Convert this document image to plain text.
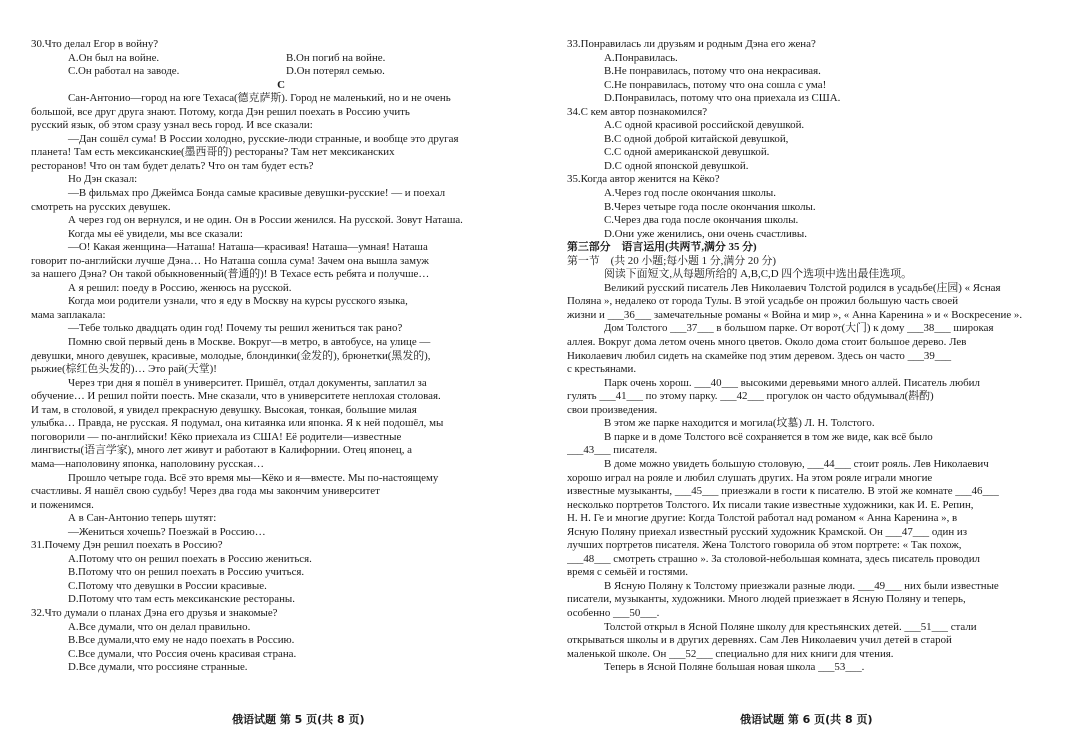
30.Что делал Егор в войну?
A.Он был на войне.	B.Он погиб на войне.
C.Он работал на заводе.	D.Он потерял семью.
C
Сан-Антонио—город на юге Техаса(德克萨斯). Город не маленький, но и не очень
большой, все друг друга знают. Потому, когда Дэн решил поехать в Россию учить
русский язык, об этом сразу узнал весь город. И все сказали:
—Дан сошёл сума! В России холодно, русские-люди странные, и вообще это другая
планета! Там есть мексиканские(墨西哥的) рестораны? Там нет мексиканских
ресторанов! Что он там будет делать? Что он там будет есть?
Но Дэн сказал:
—В фильмах про Джеймса Бонда самые красивые девушки-русские! — и поехал
смотреть на русских девушек.
А через год он вернулся, и не один. Он в России женился. На русской. Зовут Наташа.
Когда мы её увидели, мы все сказали:
—О! Какая женщина—Наташа! Наташа—красивая! Наташа—умная! Наташа
говорит по-английски лучше Дэна… Но Наташа сошла сума! Зачем она вышла замуж
за нашего Дэна? Он такой обыкновенный(普通的)! В Техасе есть ребята и получше…
А я решил: поеду в Россию, женюсь на русской.
Когда мои родители узнали, что я еду в Москву на курсы русского языка,
мама заплакала:
—Тебе только двадцать один год! Почему ты решил жениться так рано?
Помню свой первый день в Москве. Вокруг—в метро, в автобусе, на улице —
девушки, много девушек, красивые, молодые, блондинки(金发的), брюнетки(黑发的),
рыжие(棕红色头发的)… Это рай(天堂)!
Через три дня я пошёл в университет. Пришёл, отдал документы, заплатил за
обучение… И решил пойти поесть. Мне сказали, что в университете неплохая столовая.
И там, в столовой, я увидел прекрасную девушку. Высокая, тонкая, большие милая
улыбка… Правда, не русская. Я подумал, она китаянка или японка. Я к ней подошёл, мы
поговорили — по-английски! Кёко приехала из США! Её родители—известные
лингвисты(语言学家), много лет живут и работают в Калифорнии. Отец японец, а
мама—наполовину японка, наполовину русская…
Прошло четыре года. Всё это время мы—Кёко и я—вместе. Мы по-настоящему
счастливы. Я нашёл свою судьбу! Через два года мы закончим университет
и поженимся.
А в Сан-Антонио теперь шутят:
—Жениться хочешь? Поезжай в Россию…
31.Почему Дэн решил поехать в Россию?
A.Потому что он решил поехать в Россию жениться.
B.Потому что он решил поехать в Россию учиться.
C.Потому что девушки в России красивые.
D.Потому что там есть мексиканские рестораны.
32.Что думали о планах Дэна его друзья и знакомые?
A.Все думали, что он делал правильно.
B.Все думали,что ему не надо поехать в Россию.
C.Все думали, что Россия очень красивая страна.
D.Все думали, что россияне странные.
33.Понравилась ли друзьям и родным Дэна его жена?
A.Понравилась.
B.Не понравилась, потому что она некрасивая.
C.Не понравилась, потому что она сошла с ума!
D.Понравилась, потому что она приехала из США.
34.С кем автор познакомился?
A.С одной красивой российской девушкой.
B.С одной доброй китайской девушкой,
C.С одной американской девушкой.
D.С одной японской девушкой.
35.Когда автор женится на Кёко?
A.Через год после окончания школы.
B.Через четыре года после окончания школы.
C.Через два года после окончания школы.
D.Они уже женились, они очень счастливы.
第三部分　语言运用(共两节,满分 35 分)
第一节　(共 20 小题;每小题 1 分,满分 20 分)
阅读下面短文,从每题所给的 A,B,C,D 四个选项中选出最佳选项。
Великий русский писатель Лев Николаевич Толстой родился в усадьбе(庄园) « Ясная
Поляна », недалеко от города Тулы. В этой усадьбе он прожил большую часть своей
жизни и ___36___ замечательные романы « Война и мир », « Анна Каренина » и « Воскресение ».
Дом Толстого ___37___ в большом парке. От ворот(大门) к дому ___38___ широкая
аллея. Вокруг дома летом очень много цветов. Около дома стоит большое дерево. Лев
Николаевич любил сидеть на скамейке под этим деревом. Здесь он часто ___39___
с крестьянами.
Парк очень хорош. ___40___ высокими деревьями много аллей. Писатель любил
гулять ___41___ по этому парку. ___42___ прогулок он часто обдумывал(斟酌)
свои произведения.
В этом же парке находится и могила(坟墓) Л. Н. Толстого.
В парке и в доме Толстого всё сохраняется в том же виде, как всё было
___43___ писателя.
В доме можно увидеть большую столовую, ___44___ стоит рояль. Лев Николаевич
хорошо играл на рояле и любил слушать других. На этом рояле играли многие
известные музыканты, ___45___ приезжали в гости к писателю. В этой же комнате ___46___
несколько портретов Толстого. Их писали такие известные художники, как И. Е. Репин,
Н. Н. Ге и многие другие: Когда Толстой работал над романом « Анна Каренина », в
Ясную Поляну приехал известный русский художник Крамской. Он ___47___ один из
лучших портретов писателя. Жена Толстого говорила об этом портрете: « Так похож,
___48___ смотреть страшно ». За столовой-небольшая комната, здесь писатель проводил
время с семьёй и гостями.
В Ясную Поляну к Толстому приезжали разные люди. ___49___ них были известные
писатели, музыканты, художники. Много людей приезжает в Ясную Поляну и теперь,
особенно ___50___.
Толстой открыл в Ясной Поляне школу для крестьянских детей. ___51___ стали
открываться школы и в других деревнях. Сам Лев Николаевич учил детей в старой
маленькой школе. Он ___52___ специально для них книги для чтения.
Теперь в Ясной Поляне большая новая школа ___53___.
俄语试题 第 5 页(共 8 页)	俄语试题 第 6 页(共 8 页)
